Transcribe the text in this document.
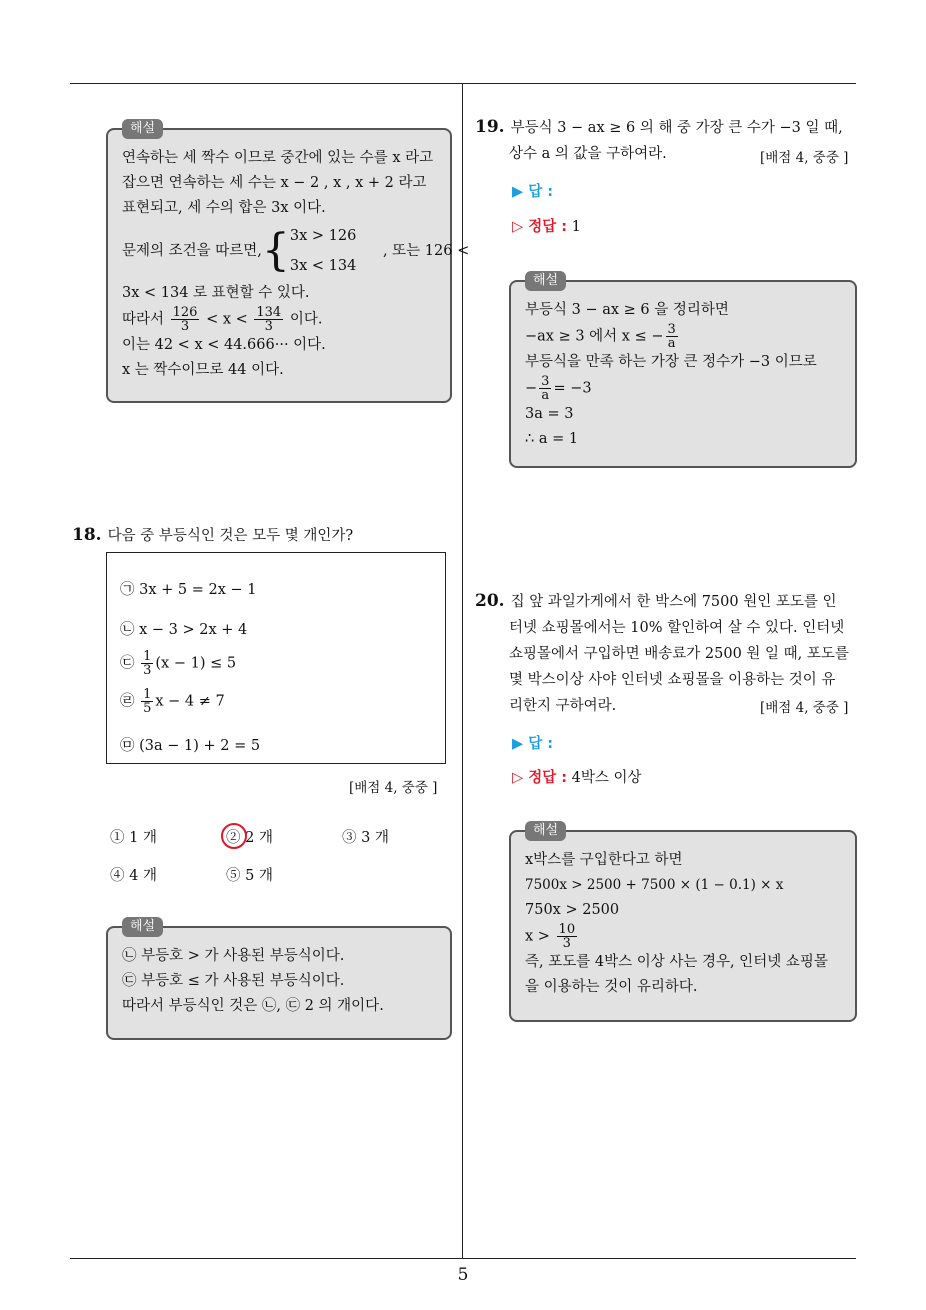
해설
연속하는 세 짝수 이므로 중간에 있는 수를 x 라고
잡으면 연속하는 세 수는 x − 2 , x , x + 2 라고
표현되고, 세 수의 합은 3x 이다.
문제의 조건을 따르면,{ 3x > 126
3x < 134
, 또는 126 <
3x < 134 로 표현할 수 있다.
따라서 $\frac{126}{3} < x < \frac{134}{3}$ 이다.
이는 42 < x < 44.666··· 이다.
x 는 짝수이므로 44 이다.
18. 다음 중 부등식인 것은 모두 몇 개인가?
㉠ 3x + 5 = 2x − 1
㉡ x − 3 > 2x + 4
㉢ $\frac{1}{3} (x - 1) \le 5$
㉣ $\frac{1}{5}$ x − 4 ≠ 7
㉤ (3a − 1) + 2 = 5
[배점 4, 중중 ]
① 1 개	② 2 개	③ 3 개
④ 4 개	⑤ 5 개
해설
㉡ 부등호 > 가 사용된 부등식이다.
㉢ 부등호 ≤ 가 사용된 부등식이다.
따라서 부등식인 것은 ㉡, ㉢ 2 의 개이다.
19. 부등식 3 − ax ≥ 6 의 해 중 가장 큰 수가 −3 일 때,
상수 a 의 값을 구하여라.	[배점 4, 중중 ]
▶ 답 :
▷ 정답 : 1
해설
부등식 3 − ax ≥ 6 을 정리하면
−ax ≥ 3 에서 x ≤ − $\frac{3}{a}$
부등식을 만족 하는 가장 큰 정수가 −3 이므로
− $\frac{3}{a} = -3$
3a = 3
∴ a = 1
20. 집 앞 과일가게에서 한 박스에 7500 원인 포도를 인
터넷 쇼핑몰에서는 10% 할인하여 살 수 있다. 인터넷
쇼핑몰에서 구입하면 배송료가 2500 원 일 때, 포도를
몇 박스이상 사야 인터넷 쇼핑몰을 이용하는 것이 유
리한지 구하여라.	[배점 4, 중중 ]
▶ 답 :
▷ 정답 : 4박스 이상
해설
x박스를 구입한다고 하면
7500x > 2500 + 7500 × (1 − 0.1) × x
750x > 2500
$x > \frac{10}{3}$
즉, 포도를 4박스 이상 사는 경우, 인터넷 쇼핑몰
을 이용하는 것이 유리하다.
5
